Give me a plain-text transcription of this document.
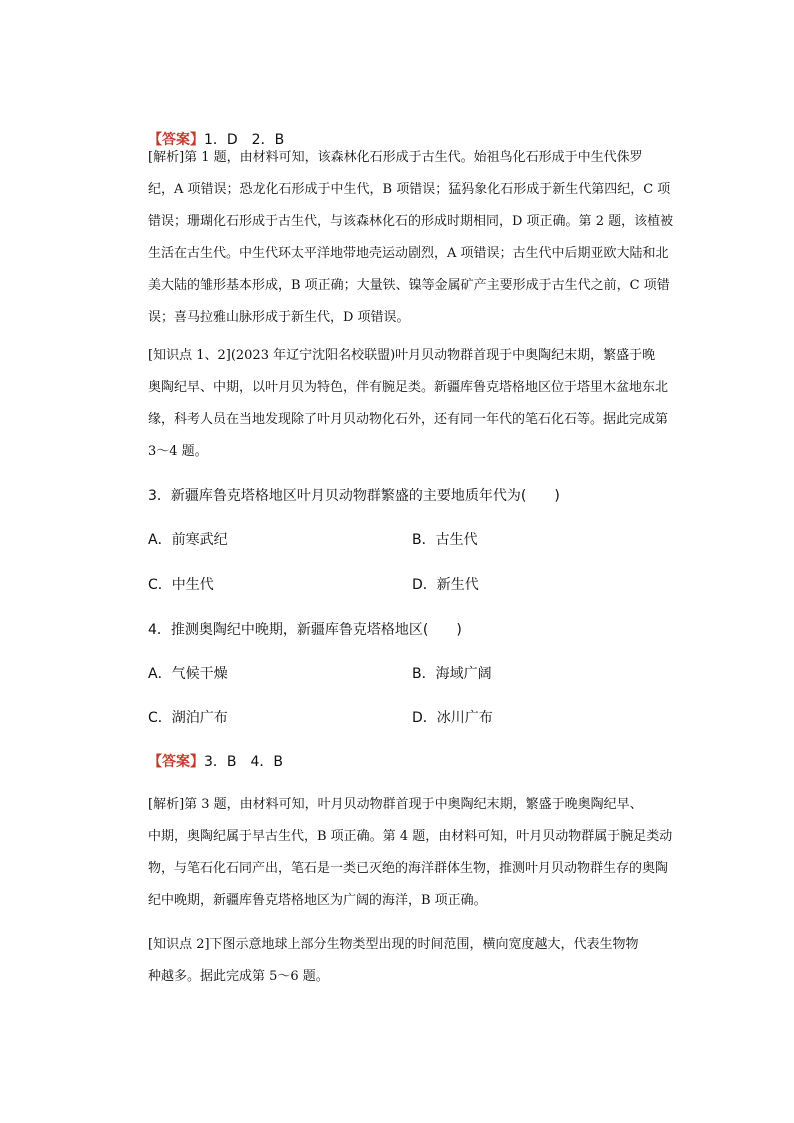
【答案】1．D　2．B
[解析]第 1 题，由材料可知，该森林化石形成于古生代。始祖鸟化石形成于中生代侏罗
纪，A 项错误；恐龙化石形成于中生代，B 项错误；猛犸象化石形成于新生代第四纪，C 项
错误；珊瑚化石形成于古生代，与该森林化石的形成时期相同，D 项正确。第 2 题，该植被
生活在古生代。中生代环太平洋地带地壳运动剧烈，A 项错误；古生代中后期亚欧大陆和北
美大陆的雏形基本形成，B 项正确；大量铁、镍等金属矿产主要形成于古生代之前，C 项错
误；喜马拉雅山脉形成于新生代，D 项错误。
[知识点 1、2](2023 年辽宁沈阳名校联盟)叶月贝动物群首现于中奥陶纪末期，繁盛于晚
奥陶纪早、中期，以叶月贝为特色，伴有腕足类。新疆库鲁克塔格地区位于塔里木盆地东北
缘，科考人员在当地发现除了叶月贝动物化石外，还有同一年代的笔石化石等。据此完成第
3～4 题。
3．新疆库鲁克塔格地区叶月贝动物群繁盛的主要地质年代为(　　)
A．前寒武纪	B．古生代
C．中生代	D．新生代
4．推测奥陶纪中晚期，新疆库鲁克塔格地区(　　)
A．气候干燥	B．海域广阔
C．湖泊广布	D．冰川广布
【答案】3．B　4．B
[解析]第 3 题，由材料可知，叶月贝动物群首现于中奥陶纪末期，繁盛于晚奥陶纪早、
中期，奥陶纪属于早古生代，B 项正确。第 4 题，由材料可知，叶月贝动物群属于腕足类动
物，与笔石化石同产出，笔石是一类已灭绝的海洋群体生物，推测叶月贝动物群生存的奥陶
纪中晚期，新疆库鲁克塔格地区为广阔的海洋，B 项正确。
[知识点 2]下图示意地球上部分生物类型出现的时间范围，横向宽度越大，代表生物物
种越多。据此完成第 5～6 题。
